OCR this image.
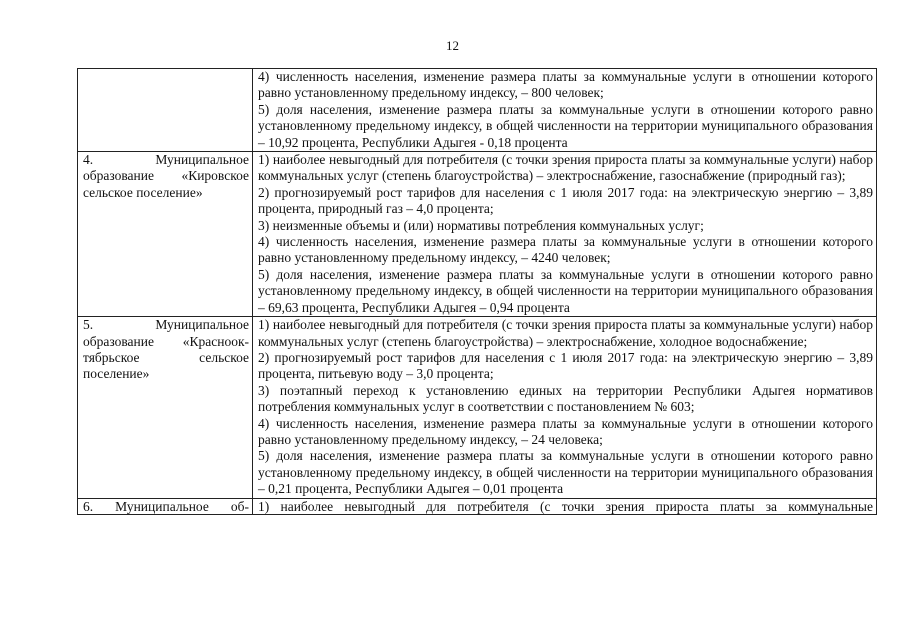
12

	4) численность населения, изменение размера платы за коммунальные услуги в отношении которого равно установленному предельному индексу, – 800 человек;
5) доля населения, изменение размера платы за коммунальные услуги в отношении которого равно установленному предельному индексу, в общей численности на территории муниципального образования – 10,92 процента, Республики Адыгея - 0,18 процента

4. Муниципальное образование «Кировское сельское поселение»	1) наиболее невыгодный для потребителя (с точки зрения прироста платы за коммунальные услуги) набор коммунальных услуг (степень благоустройства) – электроснабжение, газоснабжение (природный газ);
2) прогнозируемый рост тарифов для населения с 1 июля 2017 года: на электрическую энергию – 3,89 процента, природный газ – 4,0 процента;
3) неизменные объемы и (или) нормативы потребления коммунальных услуг;
4) численность населения, изменение размера платы за коммунальные услуги в отношении которого равно установленному предельному индексу, – 4240 человек;
5) доля населения, изменение размера платы за коммунальные услуги в отношении которого равно установленному предельному индексу, в общей численности на территории муниципального образования – 69,63 процента, Республики Адыгея – 0,94 процента

5. Муниципальное образование «Краснооктябрьское сельское поселение»	1) наиболее невыгодный для потребителя (с точки зрения прироста платы за коммунальные услуги) набор коммунальных услуг (степень благоустройства) – электроснабжение, холодное водоснабжение;
2) прогнозируемый рост тарифов для населения с 1 июля 2017 года: на электрическую энергию – 3,89 процента, питьевую воду – 3,0 процента;
3) поэтапный переход к установлению единых на территории Республики Адыгея нормативов потребления коммунальных услуг в соответствии с постановлением № 603;
4) численность населения, изменение размера платы за коммунальные услуги в отношении которого равно установленному предельному индексу, – 24 человека;
5) доля населения, изменение размера платы за коммунальные услуги в отношении которого равно установленному предельному индексу, в общей численности на территории муниципального образования – 0,21 процента, Республики Адыгея – 0,01 процента

6. Муниципальное об-	1) наиболее невыгодный для потребителя (с точки зрения прироста платы за коммунальные
